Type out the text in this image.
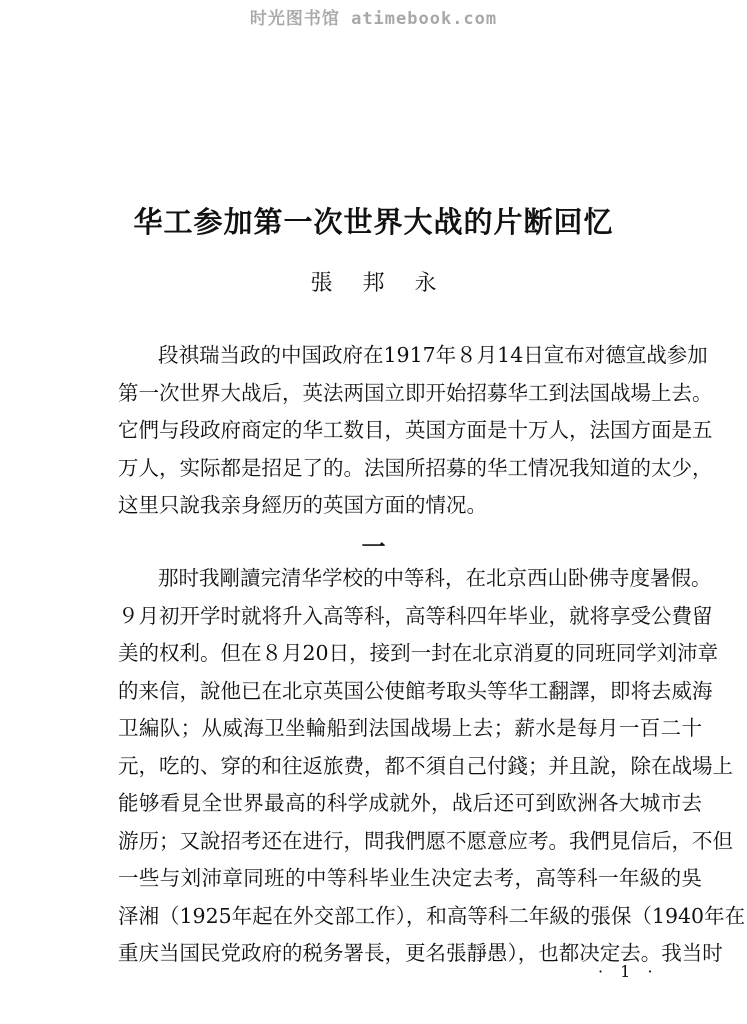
时光图书馆 atimebook.com
华工参加第一次世界大战的片断回忆
張邦永
段祺瑞当政的中国政府在1917年８月14日宣布对德宣战参加
第一次世界大战后，英法两国立即开始招募华工到法国战場上去。
它們与段政府商定的华工数目，英国方面是十万人，法国方面是五
万人，实际都是招足了的。法国所招募的华工情况我知道的太少，
这里只說我亲身經历的英国方面的情况。
一
那时我剛讀完清华学校的中等科，在北京西山卧佛寺度暑假。
９月初开学时就将升入高等科，高等科四年毕业，就将享受公費留
美的权利。但在８月20日，接到一封在北京消夏的同班同学刘沛章
的来信，說他已在北京英国公使館考取头等华工翻譯，即将去威海
卫編队；从威海卫坐輪船到法国战場上去；薪水是每月一百二十
元，吃的、穿的和往返旅费，都不須自己付錢；并且說，除在战場上
能够看見全世界最高的科学成就外，战后还可到欧洲各大城市去
游历；又說招考还在进行，問我們愿不愿意应考。我們見信后，不但
一些与刘沛章同班的中等科毕业生决定去考，高等科一年級的吳
泽湘（1925年起在外交部工作），和高等科二年級的張保（1940年在
重庆当国民党政府的税务署長，更名張靜愚），也都决定去。我当时
· 1 ·
